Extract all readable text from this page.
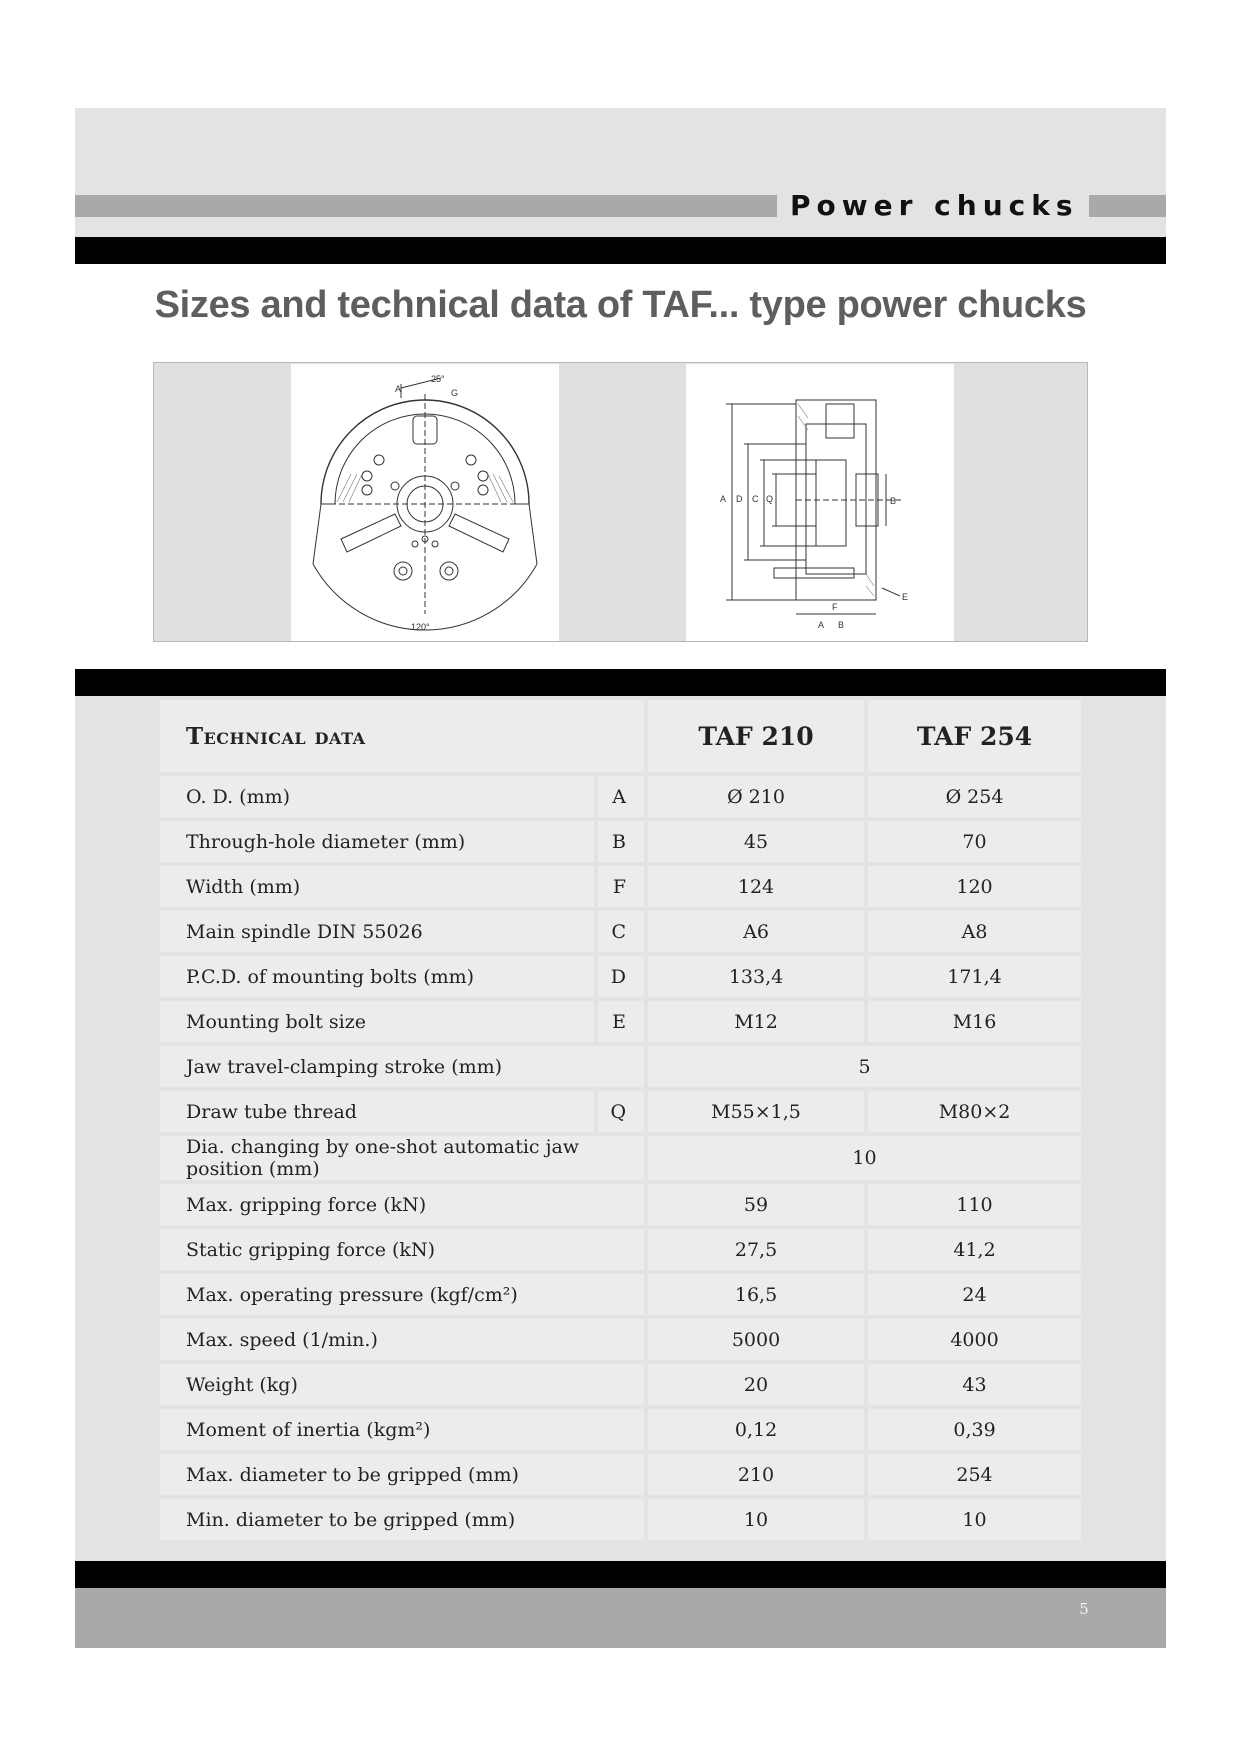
Power chucks
Sizes and technical data of TAF... type power chucks
A
25°
G
120°
A D C Q	B
E
F
A B
Technical data		TAF 210	TAF 254
O. D. (mm)	A	Ø 210	Ø 254
Through-hole diameter (mm)	B	45	70
Width (mm)	F	124	120
Main spindle DIN 55026	C	A6	A8
P.C.D. of mounting bolts (mm)	D	133,4	171,4
Mounting bolt size	E	M12	M16
Jaw travel-clamping stroke (mm)		5	
Draw tube thread	Q	M55×1,5	M80×2
Dia. changing by one-shot automatic jaw position (mm)		10	
Max. gripping force (kN)		59	110
Static gripping force (kN)		27,5	41,2
Max. operating pressure (kgf/cm²)		16,5	24
Max. speed (1/min.)		5000	4000
Weight (kg)		20	43
Moment of inertia (kgm²)		0,12	0,39
Max. diameter to be gripped (mm)		210	254
Min. diameter to be gripped (mm)		10	10
5
